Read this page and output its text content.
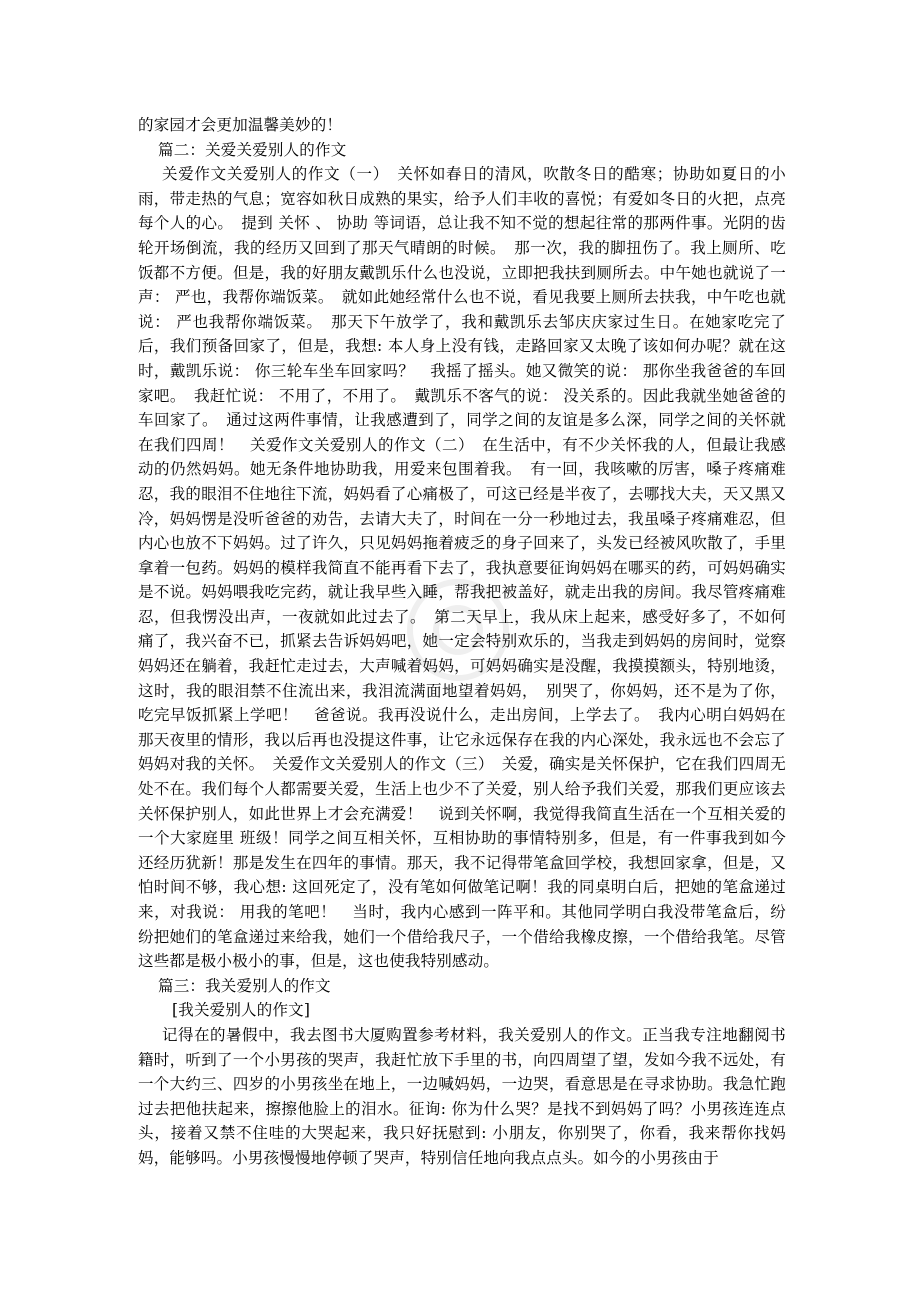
的家园才会更加温馨美妙的！

篇二：关爱关爱别人的作文

关爱作文关爱别人的作文（一）　关怀如春日的清风，吹散冬日的酷寒；协助如夏日的小雨，带走热的气息；宽容如秋日成熟的果实，给予人们丰收的喜悦；有爱如冬日的火把，点亮每个人的心。　提到 关怀 、 协助 等词语，总让我不知不觉的想起往常的那两件事。光阴的齿轮开场倒流，我的经历又回到了那天气晴朗的时候。　那一次，我的脚扭伤了。我上厕所、吃饭都不方便。但是，我的好朋友戴凯乐什么也没说，立即把我扶到厕所去。中午她也就说了一声： 严也，我帮你端饭菜。　就如此她经常什么也不说，看见我要上厕所去扶我，中午吃也就说： 严也我帮你端饭菜。　那天下午放学了，我和戴凯乐去邹庆庆家过生日。在她家吃完了后，我们预备回家了，但是，我想: 本人身上没有钱，走路回家又太晚了该如何办呢？就在这时，戴凯乐说： 你三轮车坐车回家吗？　我摇了摇头。她又微笑的说： 那你坐我爸爸的车回家吧。　我赶忙说： 不用了，不用了。　戴凯乐不客气的说： 没关系的。因此我就坐她爸爸的车回家了。　通过这两件事情，让我感遭到了，同学之间的友谊是多么深，同学之间的关怀就在我们四周！　关爱作文关爱别人的作文（二）　在生活中，有不少关怀我的人，但最让我感动的仍然妈妈。她无条件地协助我，用爱来包围着我。　有一回，我咳嗽的厉害，嗓子疼痛难忍，我的眼泪不住地往下流，妈妈看了心痛极了，可这已经是半夜了，去哪找大夫，天又黑又冷，妈妈愣是没听爸爸的劝告，去请大夫了，时间在一分一秒地过去，我虽嗓子疼痛难忍，但内心也放不下妈妈。过了许久，只见妈妈拖着疲乏的身子回来了，头发已经被风吹散了，手里拿着一包药。妈妈的模样我简直不能再看下去了，我执意要征询妈妈在哪买的药，可妈妈确实是不说。妈妈喂我吃完药，就让我早些入睡，帮我把被盖好，就走出我的房间。我尽管疼痛难忍，但我愣没出声，一夜就如此过去了。　第二天早上，我从床上起来，感受好多了，不如何痛了，我兴奋不已，抓紧去告诉妈妈吧，她一定会特别欢乐的，当我走到妈妈的房间时，觉察妈妈还在躺着，我赶忙走过去，大声喊着妈妈，可妈妈确实是没醒，我摸摸额头，特别地烫，这时，我的眼泪禁不住流出来，我泪流满面地望着妈妈，　别哭了，你妈妈，还不是为了你，吃完早饭抓紧上学吧！　爸爸说。我再没说什么，走出房间，上学去了。　我内心明白妈妈在那天夜里的情形，我以后再也没提这件事，让它永远保存在我的内心深处，我永远也不会忘了妈妈对我的关怀。　关爱作文关爱别人的作文（三）　关爱，确实是关怀保护，它在我们四周无处不在。我们每个人都需要关爱，生活上也少不了关爱，别人给予我们关爱，那我们更应该去关怀保护别人，如此世界上才会充满爱！　说到关怀啊，我觉得我简直生活在一个互相关爱的一个大家庭里 班级！同学之间互相关怀，互相协助的事情特别多，但是，有一件事我到如今还经历犹新！那是发生在四年的事情。那天，我不记得带笔盒回学校，我想回家拿，但是，又怕时间不够，我心想: 这回死定了，没有笔如何做笔记啊！我的同桌明白后，把她的笔盒递过来，对我说： 用我的笔吧！　当时，我内心感到一阵平和。其他同学明白我没带笔盒后，纷纷把她们的笔盒递过来给我，她们一个借给我尺子，一个借给我橡皮擦，一个借给我笔。尽管这些都是极小极小的事，但是，这也使我特别感动。

篇三：我关爱别人的作文

[我关爱别人的作文]

记得在的暑假中，我去图书大厦购置参考材料，我关爱别人的作文。正当我专注地翻阅书籍时，听到了一个小男孩的哭声，我赶忙放下手里的书，向四周望了望，发如今我不远处，有一个大约三、四岁的小男孩坐在地上，一边喊妈妈，一边哭，看意思是在寻求协助。我急忙跑过去把他扶起来，擦擦他脸上的泪水。征询: 你为什么哭？是找不到妈妈了吗？小男孩连连点头，接着又禁不住哇的大哭起来，我只好抚慰到: 小朋友，你别哭了，你看，我来帮你找妈妈，能够吗。小男孩慢慢地停顿了哭声，特别信任地向我点点头。如今的小男孩由于
